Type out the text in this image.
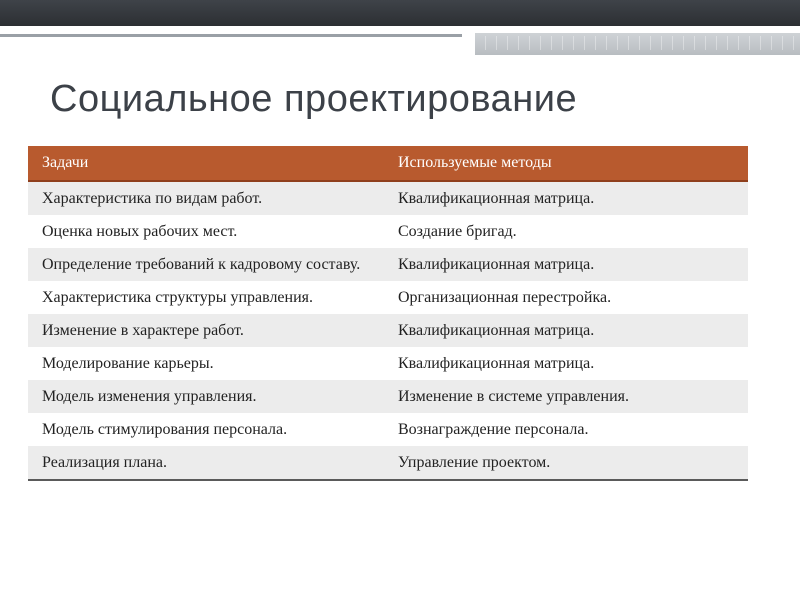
Социальное проектирование
Задачи	Используемые методы
Характеристика по видам работ.	Квалификационная матрица.
Оценка новых рабочих мест.	Создание бригад.
Определение требований к кадровому составу.	Квалификационная матрица.
Характеристика структуры управления.	Организационная перестройка.
Изменение в характере работ.	Квалификационная матрица.
Моделирование карьеры.	Квалификационная матрица.
Модель изменения управления.	Изменение в системе управления.
Модель стимулирования персонала.	Вознаграждение персонала.
Реализация плана.	Управление проектом.
